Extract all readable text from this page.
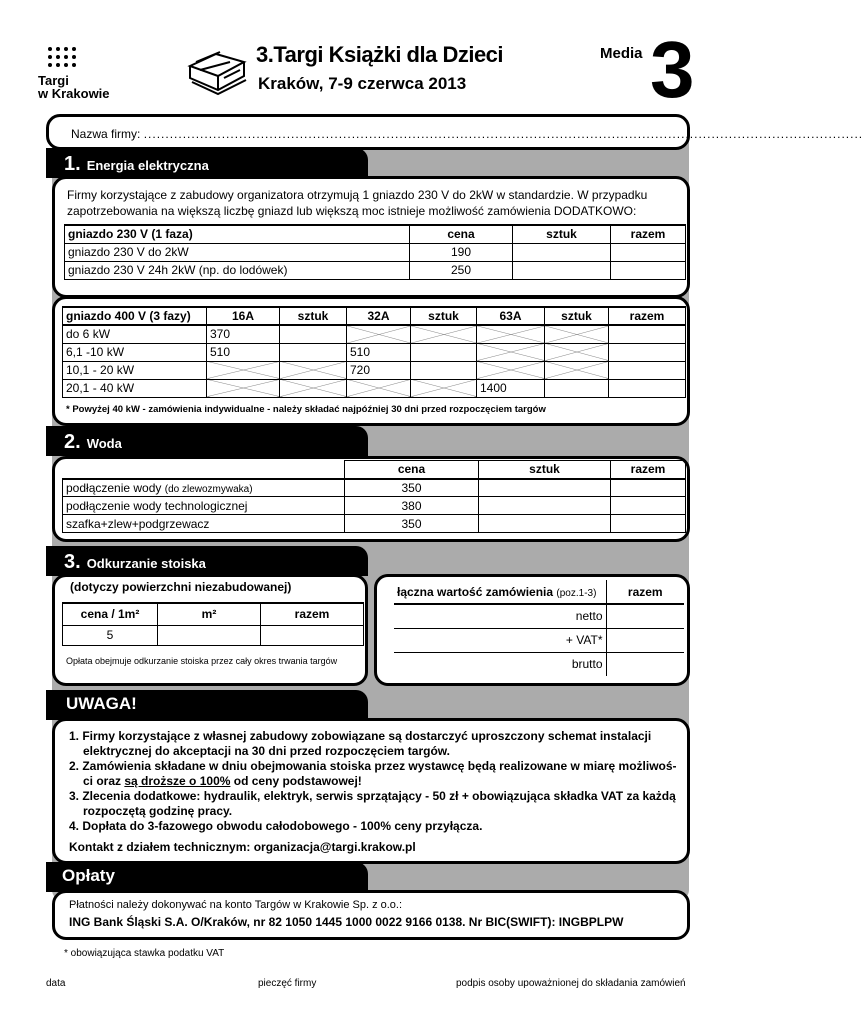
Targi
w Krakowie
3.Targi Książki dla Dzieci
Kraków, 7-9 czerwca 2013
Media 3
Nazwa firmy: ......................................................................................................................................................................
1. Energia elektryczna
Firmy korzystające z zabudowy organizatora otrzymują 1 gniazdo 230 V do 2kW w standardzie. W przypadku zapotrzebowania na większą liczbę gniazd lub większą moc istnieje możliwość zamówienia DODATKOWO:
gniazdo 230 V (1 faza)	cena	sztuk	razem
gniazdo 230 V do 2kW	190		
gniazdo 230 V 24h 2kW (np. do lodówek)	250		
gniazdo 400 V (3 fazy)	16A	sztuk	32A	sztuk	63A	sztuk	razem
do 6 kW	370						
6,1 -10 kW	510		510				
10,1 - 20 kW			720				
20,1 - 40 kW					1400		
* Powyżej 40 kW - zamówienia indywidualne - należy składać najpóźniej 30 dni przed rozpoczęciem targów
2. Woda
	cena	sztuk	razem
podłączenie wody (do zlewozmywaka)	350		
podłączenie wody technologicznej	380		
szafka+zlew+podgrzewacz	350		
3. Odkurzanie stoiska
(dotyczy powierzchni niezabudowanej)
cena / 1m²	m²	razem
5		
Opłata obejmuje odkurzanie stoiska przez cały okres trwania targów
łączna wartość zamówienia (poz.1-3)	razem
netto	
+ VAT*	
brutto	
UWAGA!
1. Firmy korzystające z własnej zabudowy zobowiązane są dostarczyć uproszczony schemat instalacji
elektrycznej do akceptacji na 30 dni przed rozpoczęciem targów.
2. Zamówienia składane w dniu obejmowania stoiska przez wystawcę będą realizowane w miarę możliwoś-
ci oraz są droższe o 100% od ceny podstawowej!
3. Zlecenia dodatkowe: hydraulik, elektryk, serwis sprzątający - 50 zł + obowiązująca składka VAT za każdą
rozpoczętą godzinę pracy.
4. Dopłata do 3-fazowego obwodu całodobowego - 100% ceny przyłącza.
Kontakt z działem technicznym: organizacja@targi.krakow.pl
Opłaty
Płatności należy dokonywać na konto Targów w Krakowie Sp. z o.o.:
ING Bank Śląski S.A. O/Kraków, nr 82 1050 1445 1000 0022 9166 0138. Nr BIC(SWIFT): INGBPLPW
* obowiązująca stawka podatku VAT
data	pieczęć firmy	podpis osoby upoważnionej do składania zamówień
